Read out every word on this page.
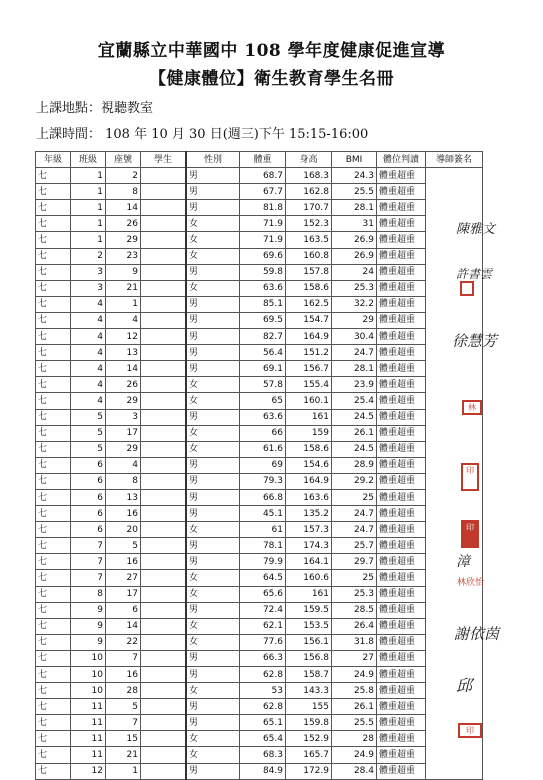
宜蘭縣立中華國中 108 學年度健康促進宣導
【健康體位】衛生教育學生名冊
上課地點：視聽教室
上課時間： 108 年 10 月 30 日(週三)下午 15:15-16:00
年級	班級	座號	學生	性別	體重	身高	BMI	體位判讀	導師簽名
七	1	2		男	68.7	168.3	24.3	體重超重	
七	1	8		男	67.7	162.8	25.5	體重超重	
七	1	14		男	81.8	170.7	28.1	體重超重	
七	1	26		女	71.9	152.3	31	體重超重	
七	1	29		女	71.9	163.5	26.9	體重超重	
七	2	23		女	69.6	160.8	26.9	體重超重	
七	3	9		男	59.8	157.8	24	體重超重	
七	3	21		女	63.6	158.6	25.3	體重超重	
七	4	1		男	85.1	162.5	32.2	體重超重	
七	4	4		男	69.5	154.7	29	體重超重	
七	4	12		男	82.7	164.9	30.4	體重超重	
七	4	13		男	56.4	151.2	24.7	體重超重	
七	4	14		男	69.1	156.7	28.1	體重超重	
七	4	26		女	57.8	155.4	23.9	體重超重	
七	4	29		女	65	160.1	25.4	體重超重	
七	5	3		男	63.6	161	24.5	體重超重	
七	5	17		女	66	159	26.1	體重超重	
七	5	29		女	61.6	158.6	24.5	體重超重	
七	6	4		男	69	154.6	28.9	體重超重	
七	6	8		男	79.3	164.9	29.2	體重超重	
七	6	13		男	66.8	163.6	25	體重超重	
七	6	16		男	45.1	135.2	24.7	體重超重	
七	6	20		女	61	157.3	24.7	體重超重	
七	7	5		男	78.1	174.3	25.7	體重超重	
七	7	16		男	79.9	164.1	29.7	體重超重	
七	7	27		女	64.5	160.6	25	體重超重	
七	8	17		女	65.6	161	25.3	體重超重	
七	9	6		男	72.4	159.5	28.5	體重超重	
七	9	14		女	62.1	153.5	26.4	體重超重	
七	9	22		女	77.6	156.1	31.8	體重超重	
七	10	7		男	66.3	156.8	27	體重超重	
七	10	16		男	62.8	158.7	24.9	體重超重	
七	10	28		女	53	143.3	25.8	體重超重	
七	11	5		男	62.8	155	26.1	體重超重	
七	11	7		男	65.1	159.8	25.5	體重超重	
七	11	15		女	65.4	152.9	28	體重超重	
七	11	21		女	68.3	165.7	24.9	體重超重	
七	12	1		男	84.9	172.9	28.4	體重超重	
陳雅文
許書雲

徐慧芳
林
印
印
漳
林欣怡
謝依茵
邱
印
